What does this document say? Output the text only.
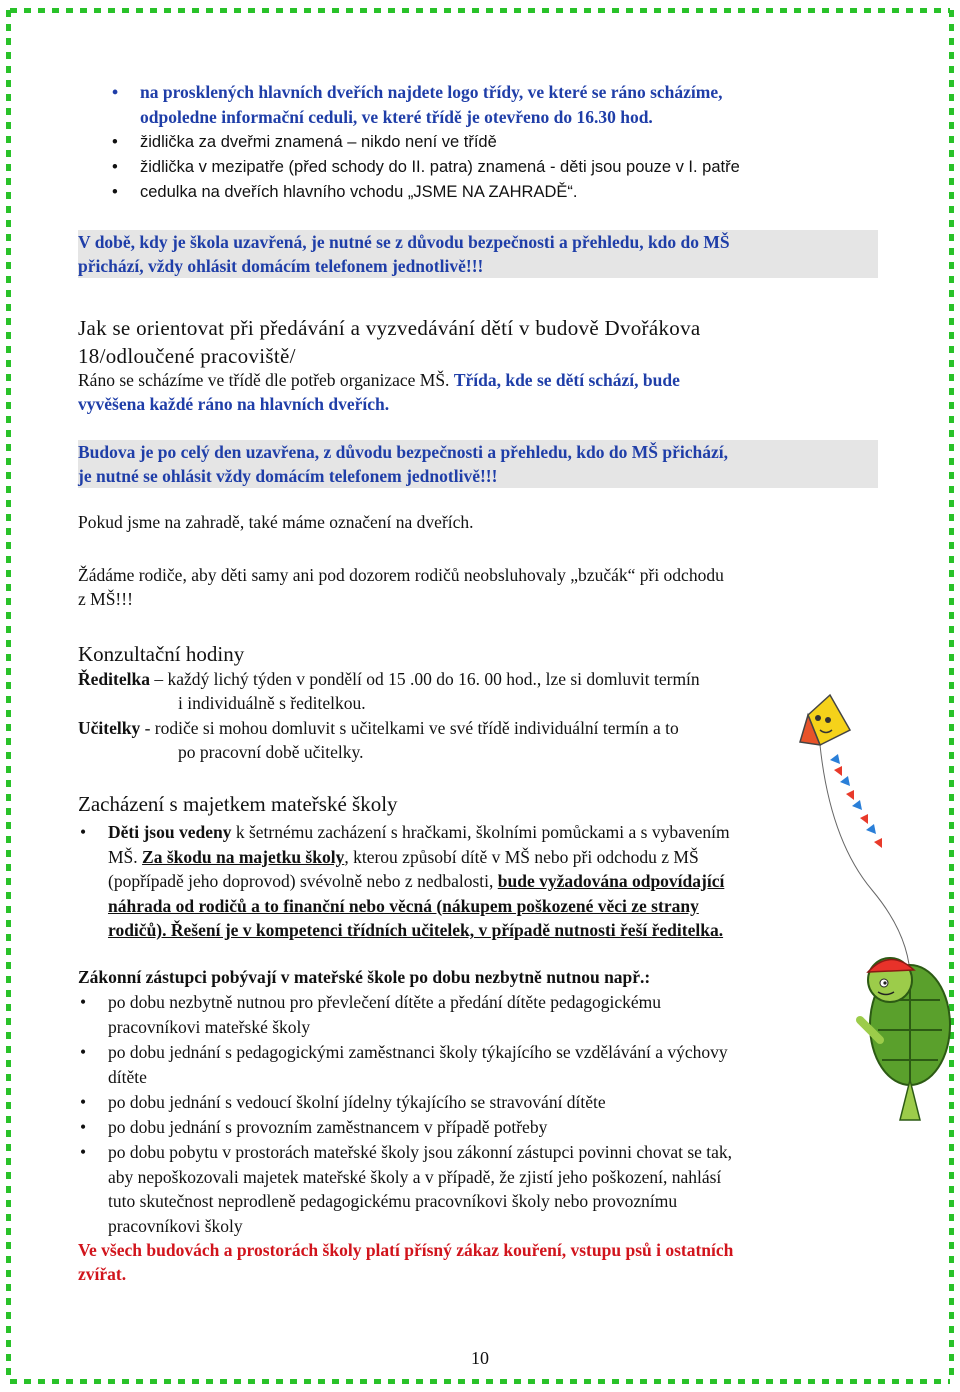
• na prosklených hlavních dveřích najdete logo třídy, ve které se ráno scházíme,
odpoledne informační ceduli, ve které třídě je otevřeno do 16.30 hod.
• židlička za dveřmi znamená – nikdo není ve třídě
• židlička v mezipatře (před schody do II. patra) znamená - děti jsou pouze v I. patře
• cedulka na dveřích hlavního vchodu „JSME NA ZAHRADĚ“.
V době, kdy je škola uzavřená, je nutné se z důvodu bezpečnosti a přehledu, kdo do MŠ
přichází, vždy ohlásit domácím telefonem jednotlivě!!!
Jak se orientovat při předávání a vyzvedávání dětí v budově Dvořákova
18/odloučené pracoviště/
Ráno se scházíme ve třídě dle potřeb organizace MŠ. Třída, kde se dětí schází, bude
vyvěšena každé ráno na hlavních dveřích.
Budova je po celý den uzavřena, z důvodu bezpečnosti a přehledu, kdo do MŠ přichází,
je nutné se ohlásit vždy domácím telefonem jednotlivě!!!
Pokud jsme na zahradě, také máme označení na dveřích.
Žádáme rodiče, aby děti samy ani pod dozorem rodičů neobsluhovaly „bzučák“ při odchodu
z MŠ!!!
Konzultační hodiny
Ředitelka – každý lichý týden v pondělí od 15 .00 do 16. 00 hod., lze si domluvit termín
i individuálně s ředitelkou.
Učitelky - rodiče si mohou domluvit s učitelkami ve své třídě individuální termín a to
po pracovní době učitelky.
Zacházení s majetkem mateřské školy
• Děti jsou vedeny k šetrnému zacházení s hračkami, školními pomůckami a s vybavením
MŠ. Za škodu na majetku školy, kterou způsobí dítě v MŠ nebo při odchodu z MŠ
(popřípadě jeho doprovod) svévolně nebo z nedbalosti, bude vyžadována odpovídající
náhrada od rodičů a to finanční nebo věcná (nákupem poškozené věci ze strany
rodičů). Řešení je v kompetenci třídních učitelek, v případě nutnosti řeší ředitelka.
Zákonní zástupci pobývají v mateřské škole po dobu nezbytně nutnou např.:
• po dobu nezbytně nutnou pro převlečení dítěte a předání dítěte pedagogickému
pracovníkovi mateřské školy
• po dobu jednání s pedagogickými zaměstnanci školy týkajícího se vzdělávání a výchovy
dítěte
• po dobu jednání s vedoucí školní jídelny týkajícího se stravování dítěte
• po dobu jednání s provozním zaměstnancem v případě potřeby
• po dobu pobytu v prostorách mateřské školy jsou zákonní zástupci povinni chovat se tak,
aby nepoškozovali majetek mateřské školy a v případě, že zjistí jeho poškození, nahlásí
tuto skutečnost neprodleně pedagogickému pracovníkovi školy nebo provoznímu
pracovníkovi školy
Ve všech budovách a prostorách školy platí přísný zákaz kouření, vstupu psů i ostatních
zvířat.
10
